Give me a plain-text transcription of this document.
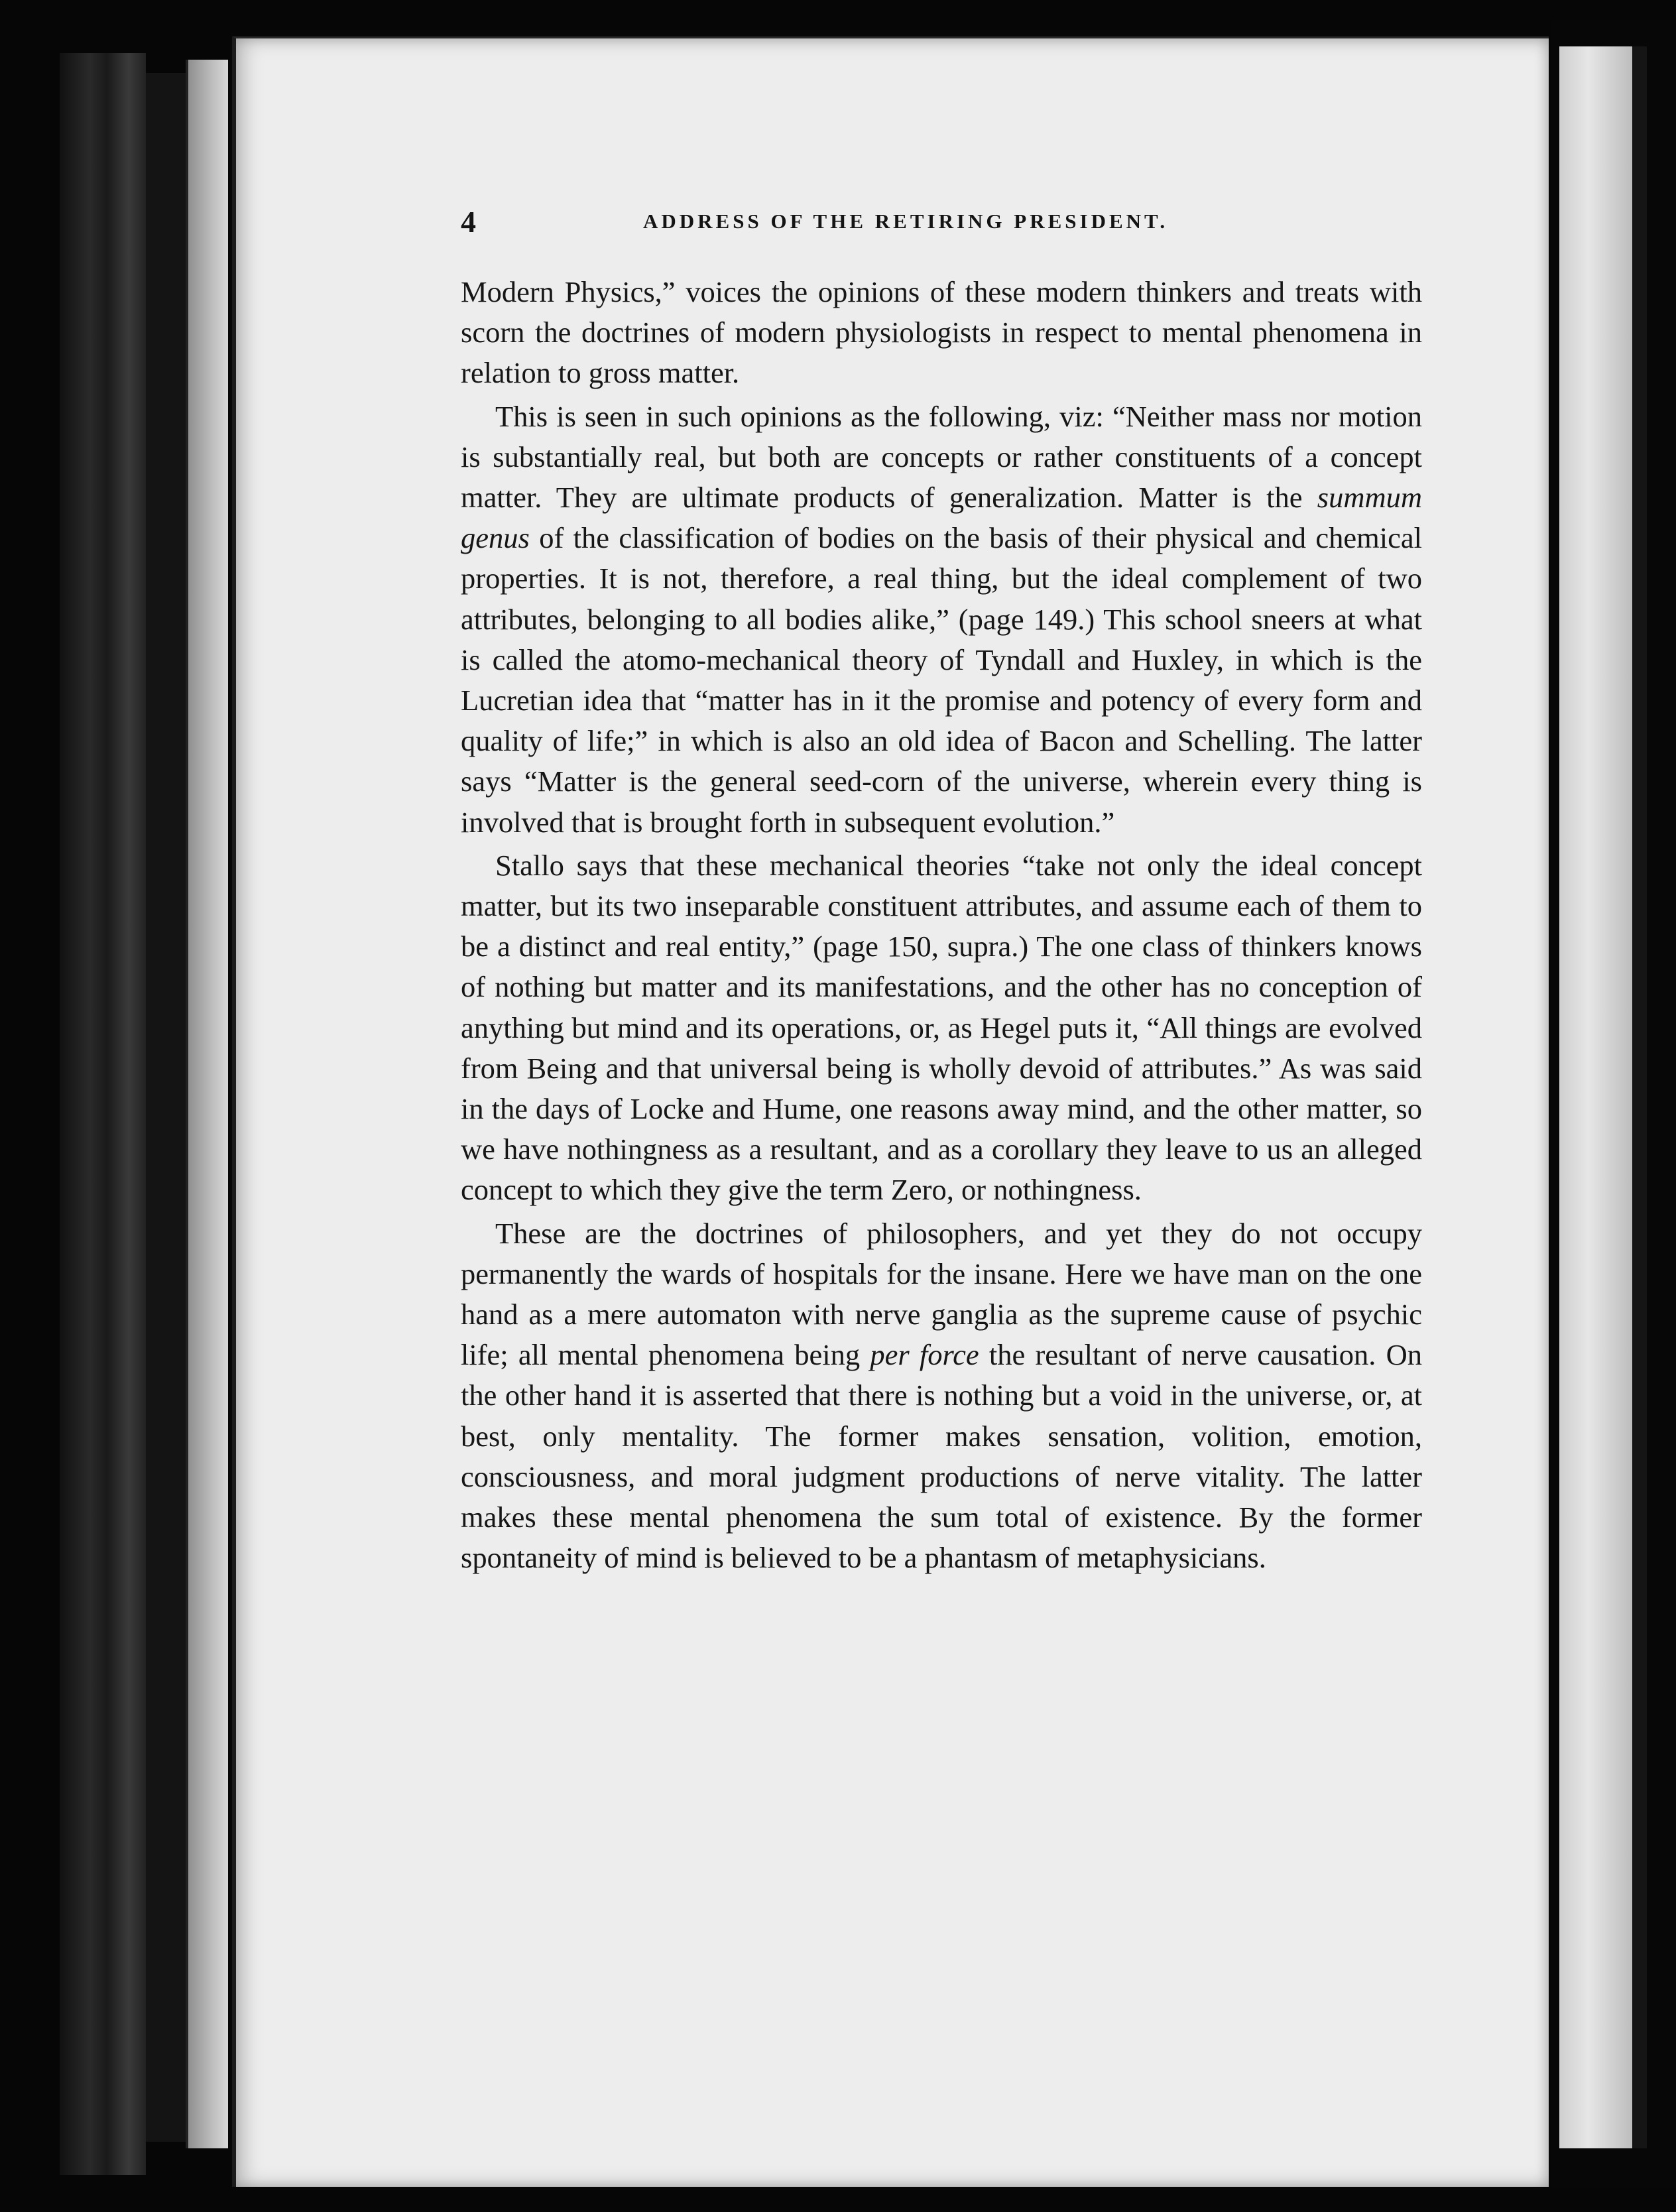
4	ADDRESS OF THE RETIRING PRESIDENT.

Modern Physics,” voices the opinions of these modern thinkers and treats with scorn the doctrines of modern physiologists in respect to mental phenomena in relation to gross matter.

This is seen in such opinions as the following, viz: “Neither mass nor motion is substantially real, but both are concepts or rather constituents of a concept matter. They are ultimate products of generalization. Matter is the summum genus of the classification of bodies on the basis of their physical and chemical properties. It is not, therefore, a real thing, but the ideal complement of two attributes, belonging to all bodies alike,” (page 149.) This school sneers at what is called the atomo-mechanical theory of Tyndall and Huxley, in which is the Lucretian idea that “matter has in it the promise and potency of every form and quality of life;” in which is also an old idea of Bacon and Schelling. The latter says “Matter is the general seed-corn of the universe, wherein every thing is involved that is brought forth in subsequent evolution.”

Stallo says that these mechanical theories “take not only the ideal concept matter, but its two inseparable constituent attributes, and assume each of them to be a distinct and real entity,” (page 150, supra.) The one class of thinkers knows of nothing but matter and its manifestations, and the other has no conception of anything but mind and its operations, or, as Hegel puts it, “All things are evolved from Being and that universal being is wholly devoid of attributes.” As was said in the days of Locke and Hume, one reasons away mind, and the other matter, so we have nothingness as a resultant, and as a corollary they leave to us an alleged concept to which they give the term Zero, or nothingness.

These are the doctrines of philosophers, and yet they do not occupy permanently the wards of hospitals for the insane. Here we have man on the one hand as a mere automaton with nerve ganglia as the supreme cause of psychic life; all mental phenomena being per force the resultant of nerve causation. On the other hand it is asserted that there is nothing but a void in the universe, or, at best, only mentality. The former makes sensation, volition, emotion, consciousness, and moral judgment productions of nerve vitality. The latter makes these mental phenomena the sum total of existence. By the former spontaneity of mind is believed to be a phantasm of metaphysicians.
